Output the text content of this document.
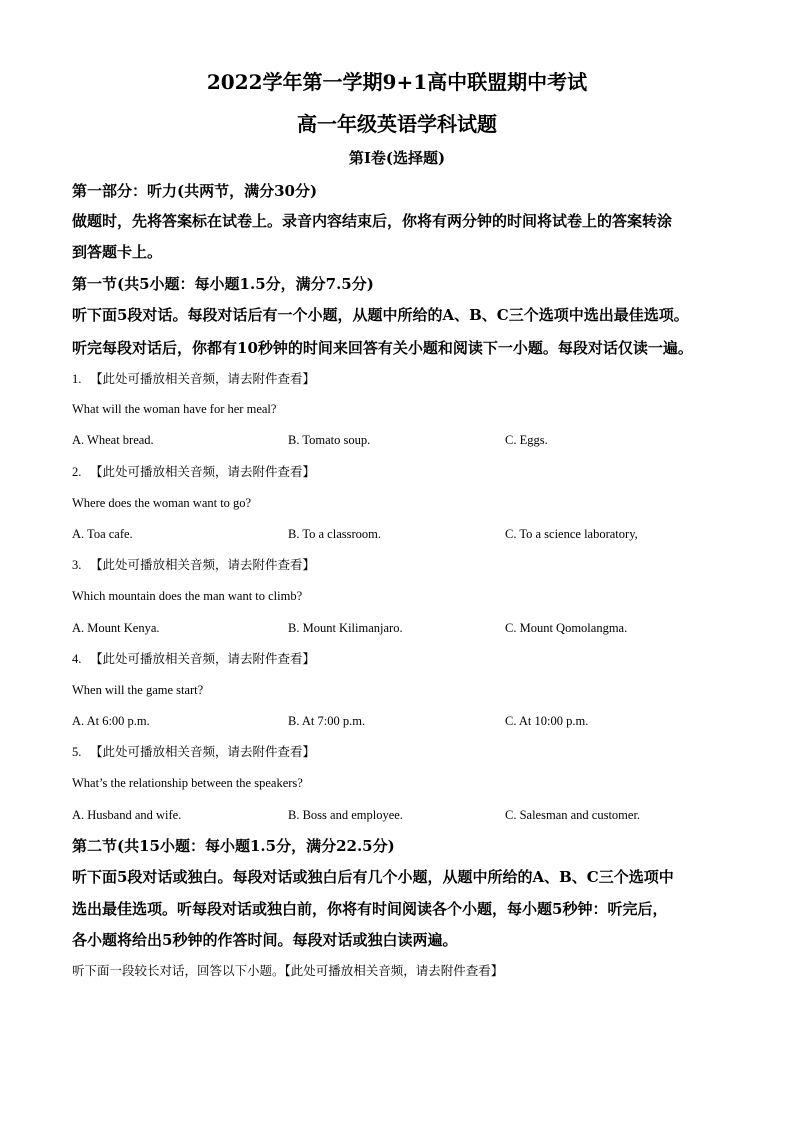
2022学年第一学期9+1高中联盟期中考试
高一年级英语学科试题
第Ⅰ卷(选择题)
第一部分：听力(共两节，满分30分)
做题时，先将答案标在试卷上。录音内容结束后，你将有两分钟的时间将试卷上的答案转涂
到答题卡上。
第一节(共5小题：每小题1.5分，满分7.5分)
听下面5段对话。每段对话后有一个小题，从题中所给的A、B、C三个选项中选出最佳选项。
听完每段对话后，你都有10秒钟的时间来回答有关小题和阅读下一小题。每段对话仅读一遍。
1. 【此处可播放相关音频，请去附件查看】
What will the woman have for her meal?
A. Wheat bread.	B. Tomato soup.	C. Eggs.
2. 【此处可播放相关音频，请去附件查看】
Where does the woman want to go?
A. Toa cafe.	B. To a classroom.	C. To a science laboratory,
3. 【此处可播放相关音频，请去附件查看】
Which mountain does the man want to climb?
A. Mount Kenya.	B. Mount Kilimanjaro.	C. Mount Qomolangma.
4. 【此处可播放相关音频，请去附件查看】
When will the game start?
A. At 6:00 p.m.	B. At 7:00 p.m.	C. At 10:00 p.m.
5. 【此处可播放相关音频，请去附件查看】
What’s the relationship between the speakers?
A. Husband and wife.	B. Boss and employee.	C. Salesman and customer.
第二节(共15小题：每小题1.5分，满分22.5分)
听下面5段对话或独白。每段对话或独白后有几个小题，从题中所给的A、B、C三个选项中
选出最佳选项。听每段对话或独白前，你将有时间阅读各个小题，每小题5秒钟：听完后，
各小题将给出5秒钟的作答时间。每段对话或独白读两遍。
听下面一段较长对话，回答以下小题。【此处可播放相关音频，请去附件查看】
